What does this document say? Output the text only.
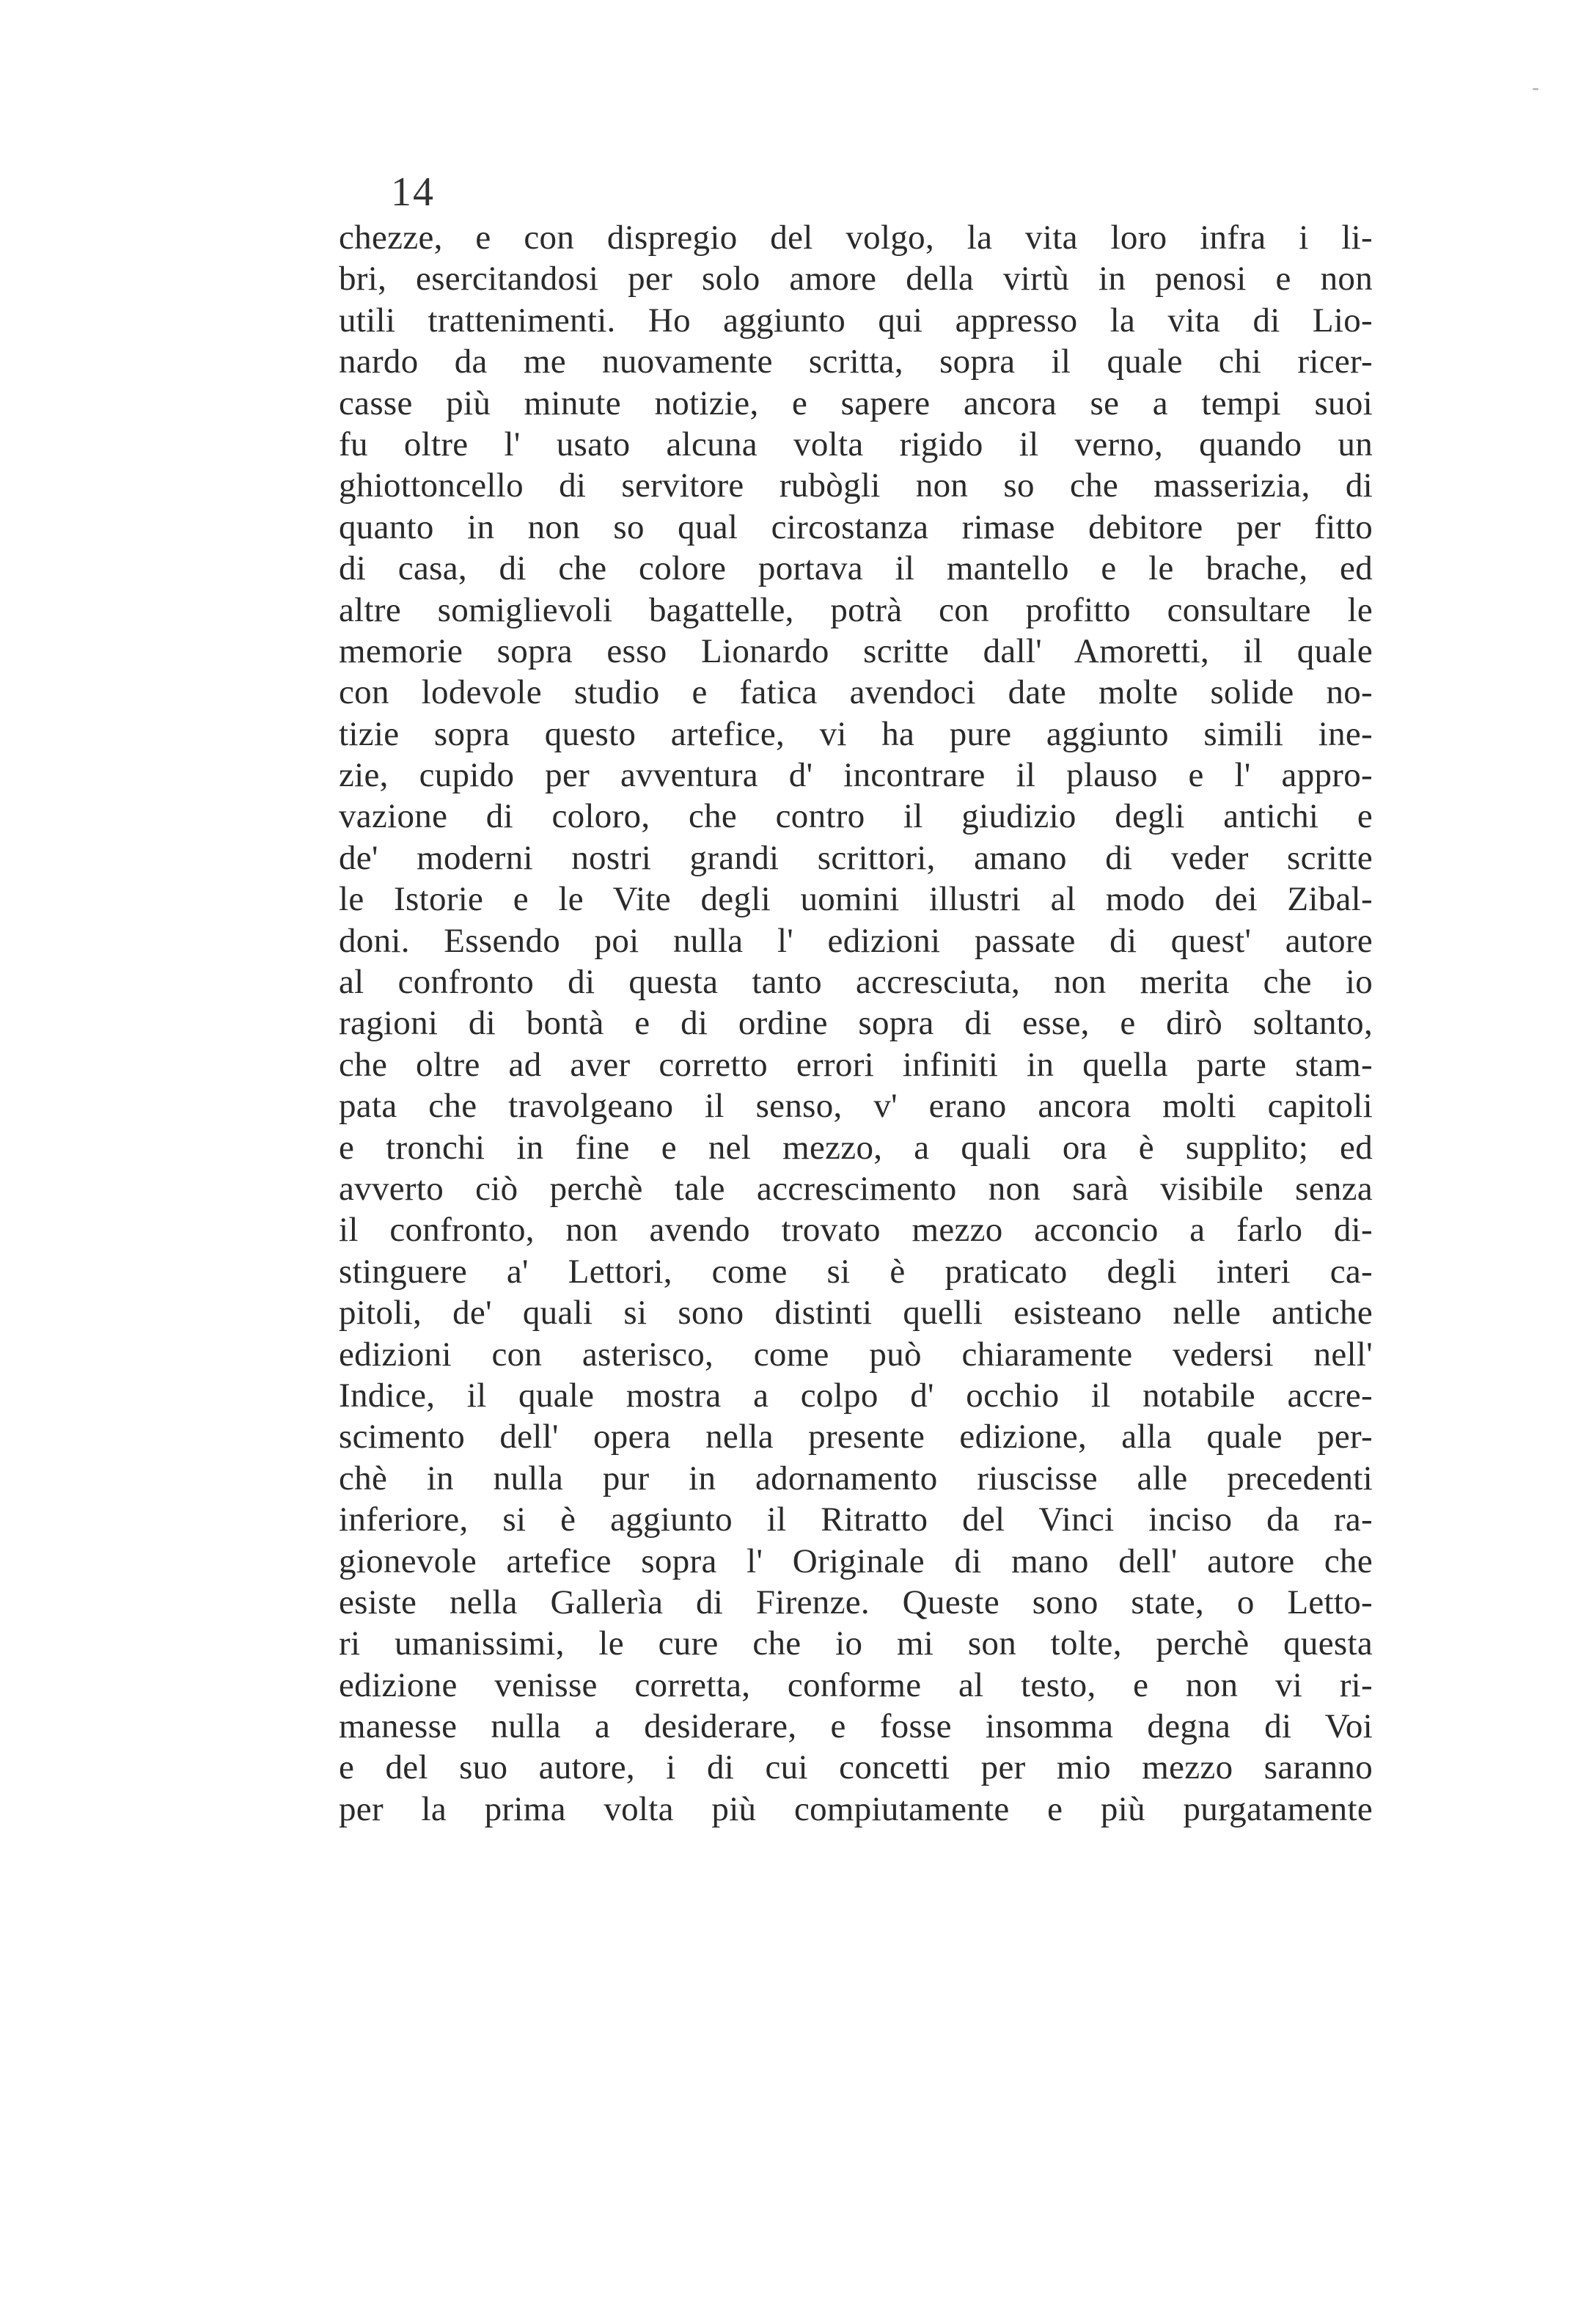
14
chezze, e con dispregio del volgo, la vita loro infra i li-
bri, esercitandosi per solo amore della virtù in penosi e non
utili trattenimenti. Ho aggiunto qui appresso la vita di Lio-
nardo da me nuovamente scritta, sopra il quale chi ricer-
casse più minute notizie, e sapere ancora se a tempi suoi
fu oltre l' usato alcuna volta rigido il verno, quando un
ghiottoncello di servitore rubògli non so che masserizia, di
quanto in non so qual circostanza rimase debitore per fitto
di casa, di che colore portava il mantello e le brache, ed
altre somiglievoli bagattelle, potrà con profitto consultare le
memorie sopra esso Lionardo scritte dall' Amoretti, il quale
con lodevole studio e fatica avendoci date molte solide no-
tizie sopra questo artefice, vi ha pure aggiunto simili ine-
zie, cupido per avventura d' incontrare il plauso e l' appro-
vazione di coloro, che contro il giudizio degli antichi e
de' moderni nostri grandi scrittori, amano di veder scritte
le Istorie e le Vite degli uomini illustri al modo dei Zibal-
doni. Essendo poi nulla l' edizioni passate di quest' autore
al confronto di questa tanto accresciuta, non merita che io
ragioni di bontà e di ordine sopra di esse, e dirò soltanto,
che oltre ad aver corretto errori infiniti in quella parte stam-
pata che travolgeano il senso, v' erano ancora molti capitoli
e tronchi in fine e nel mezzo, a quali ora è supplito; ed
avverto ciò perchè tale accrescimento non sarà visibile senza
il confronto, non avendo trovato mezzo acconcio a farlo di-
stinguere a' Lettori, come si è praticato degli interi ca-
pitoli, de' quali si sono distinti quelli esisteano nelle antiche
edizioni con asterisco, come può chiaramente vedersi nell'
Indice, il quale mostra a colpo d' occhio il notabile accre-
scimento dell' opera nella presente edizione, alla quale per-
chè in nulla pur in adornamento riuscisse alle precedenti
inferiore, si è aggiunto il Ritratto del Vinci inciso da ra-
gionevole artefice sopra l' Originale di mano dell' autore che
esiste nella Gallerìa di Firenze. Queste sono state, o Letto-
ri umanissimi, le cure che io mi son tolte, perchè questa
edizione venisse corretta, conforme al testo, e non vi ri-
manesse nulla a desiderare, e fosse insomma degna di Voi
e del suo autore, i di cui concetti per mio mezzo saranno
per la prima volta più compiutamente e più purgatamente
